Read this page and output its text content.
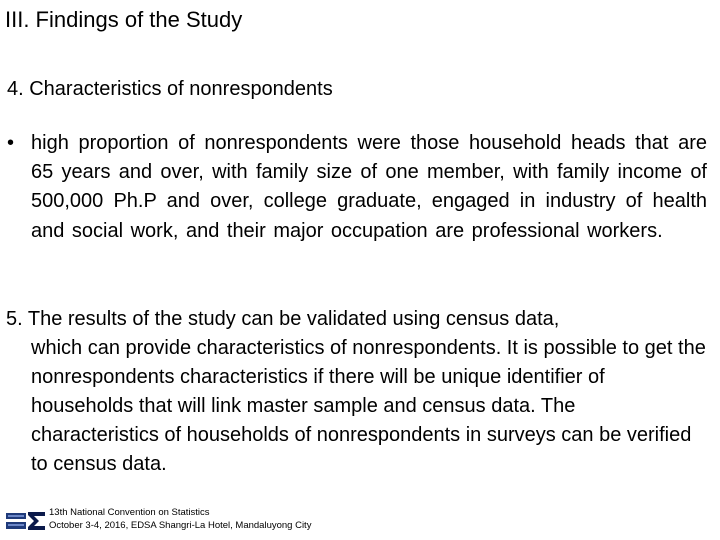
III. Findings of the Study
4. Characteristics of nonrespondents
• high proportion of nonrespondents were those household heads that are 65 years and over, with family size of one member, with family income of 500,000 Ph.P and over, college graduate, engaged in industry of health and social work, and their major occupation are professional workers.
5. The results of the study can be validated using census data,
which can provide characteristics of nonrespondents. It is possible to get the nonrespondents characteristics if there will be unique identifier of households that will link master sample and census data. The characteristics of households of nonrespondents in surveys can be verified to census data.
13th National Convention on Statistics
October 3-4, 2016, EDSA Shangri-La Hotel, Mandaluyong City
